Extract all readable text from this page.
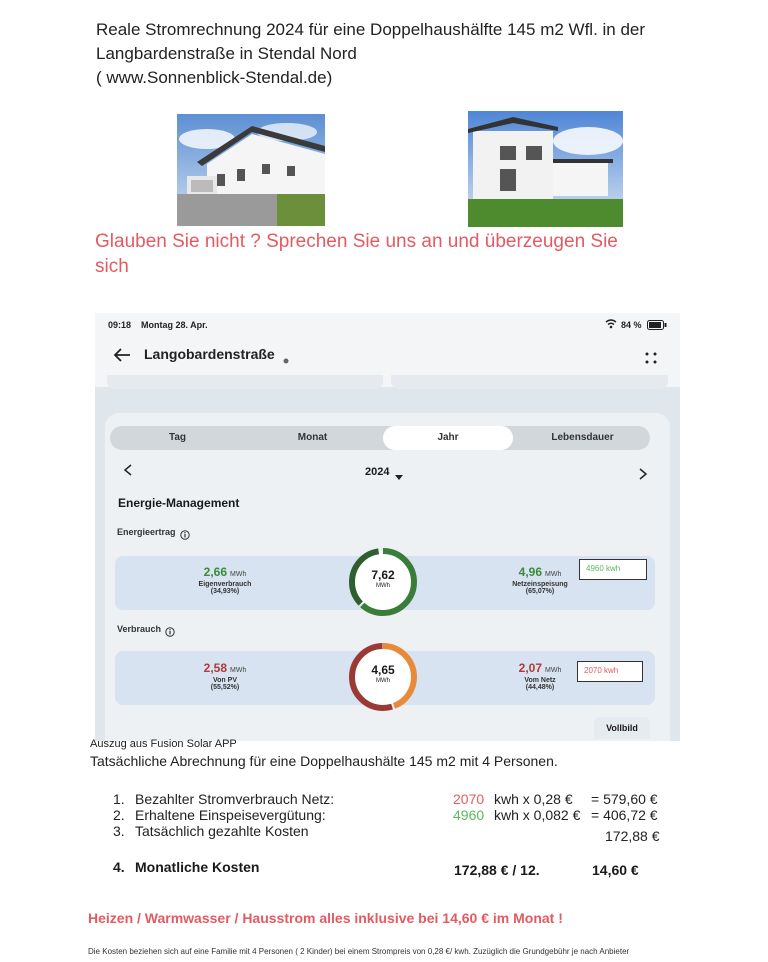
Reale Stromrechnung 2024 für eine Doppelhaushälfte 145 m2 Wfl. in der
Langbardenstraße in Stendal Nord
( www.Sonnenblick-Stendal.de)
Glauben Sie nicht ? Sprechen Sie uns an und überzeugen Sie
sich
09:18 Montag 28. Apr.	84 %
Langobardenstraße
Tag	Monat	Jahr	Lebensdauer
2024
Energie-Management
Energieertrag
2,66 MWh
Eigenverbrauch
(34,93%)
7,62
MWh
4,96 MWh
Netzeinspeisung
(65,07%)
4960 kwh
Verbrauch
2,58 MWh
Von PV
(55,52%)
4,65
MWh
2,07 MWh
Vom Netz
(44,48%)
2070 kwh
Vollbild
Auszug aus Fusion Solar APP
Tatsächliche Abrechnung für eine Doppelhaushälte 145 m2 mit 4 Personen.
1. Bezahlter Stromverbrauch Netz:	2070 kwh x 0,28 € = 579,60 €
2. Erhaltene Einspeisevergütung:	4960 kwh x 0,082 € = 406,72 €
3. Tatsächlich gezahlte Kosten	172,88 €
4. Monatliche Kosten	172,88 € / 12.	14,60 €
Heizen / Warmwasser / Hausstrom alles inklusive bei 14,60 € im Monat !
Die Kosten beziehen sich auf eine Familie mit 4 Personen ( 2 Kinder) bei einem Strompreis von 0,28 €/ kwh. Zuzüglich die Grundgebühr je nach Anbieter
